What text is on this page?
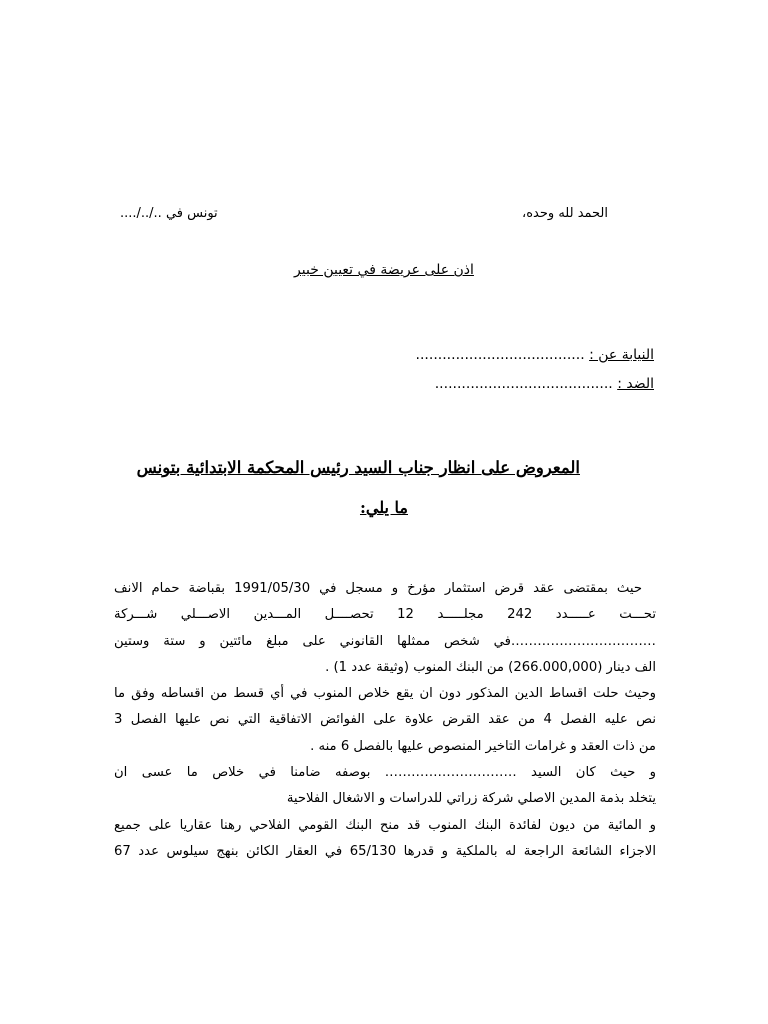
الحمد لله وحده،
تونس في ../../....
اذن على عريضة في تعيين خبير
النيابة عن : ......................................
الضد : ........................................
المعروض على انظار جناب السيد رئيس المحكمة الابتدائية بتونس
ما يلي:
حيث بمقتضى عقد قرض استثمار مؤرخ و مسجل في 1991/05/30 بقباضة حمام الانف
تحـــت عـــــدد 242 مجلـــــد 12 تحصــــل المـــدين الاصـــلي شـــركة
……………………………في شخص ممثلها القانوني على مبلغ مائتين و ستة وستين
الف دينار (266.000,000) من البنك المنوب (وثيقة عدد 1) .
وحيث حلت اقساط الدين المذكور دون ان يقع خلاص المنوب في أي قسط من اقساطه وفق ما
نص عليه الفصل 4 من عقد القرض علاوة على الفوائض الاتفاقية التي نص عليها الفصل 3
من ذات العقد و غرامات التاخير المنصوص عليها بالفصل 6 منه .
و حيث كان السيد ………………………… بوصفه ضامنا في خلاص ما عسى ان
يتخلد بذمة المدين الاصلي شركة زراتي للدراسات و الاشغال الفلاحية
و المائية من ديون لفائدة البنك المنوب قد منح البنك القومي الفلاحي رهنا عقاريا على جميع
الاجزاء الشائعة الراجعة له بالملكية و قدرها 65/130 في العقار الكائن بنهج سيلوس عدد 67
